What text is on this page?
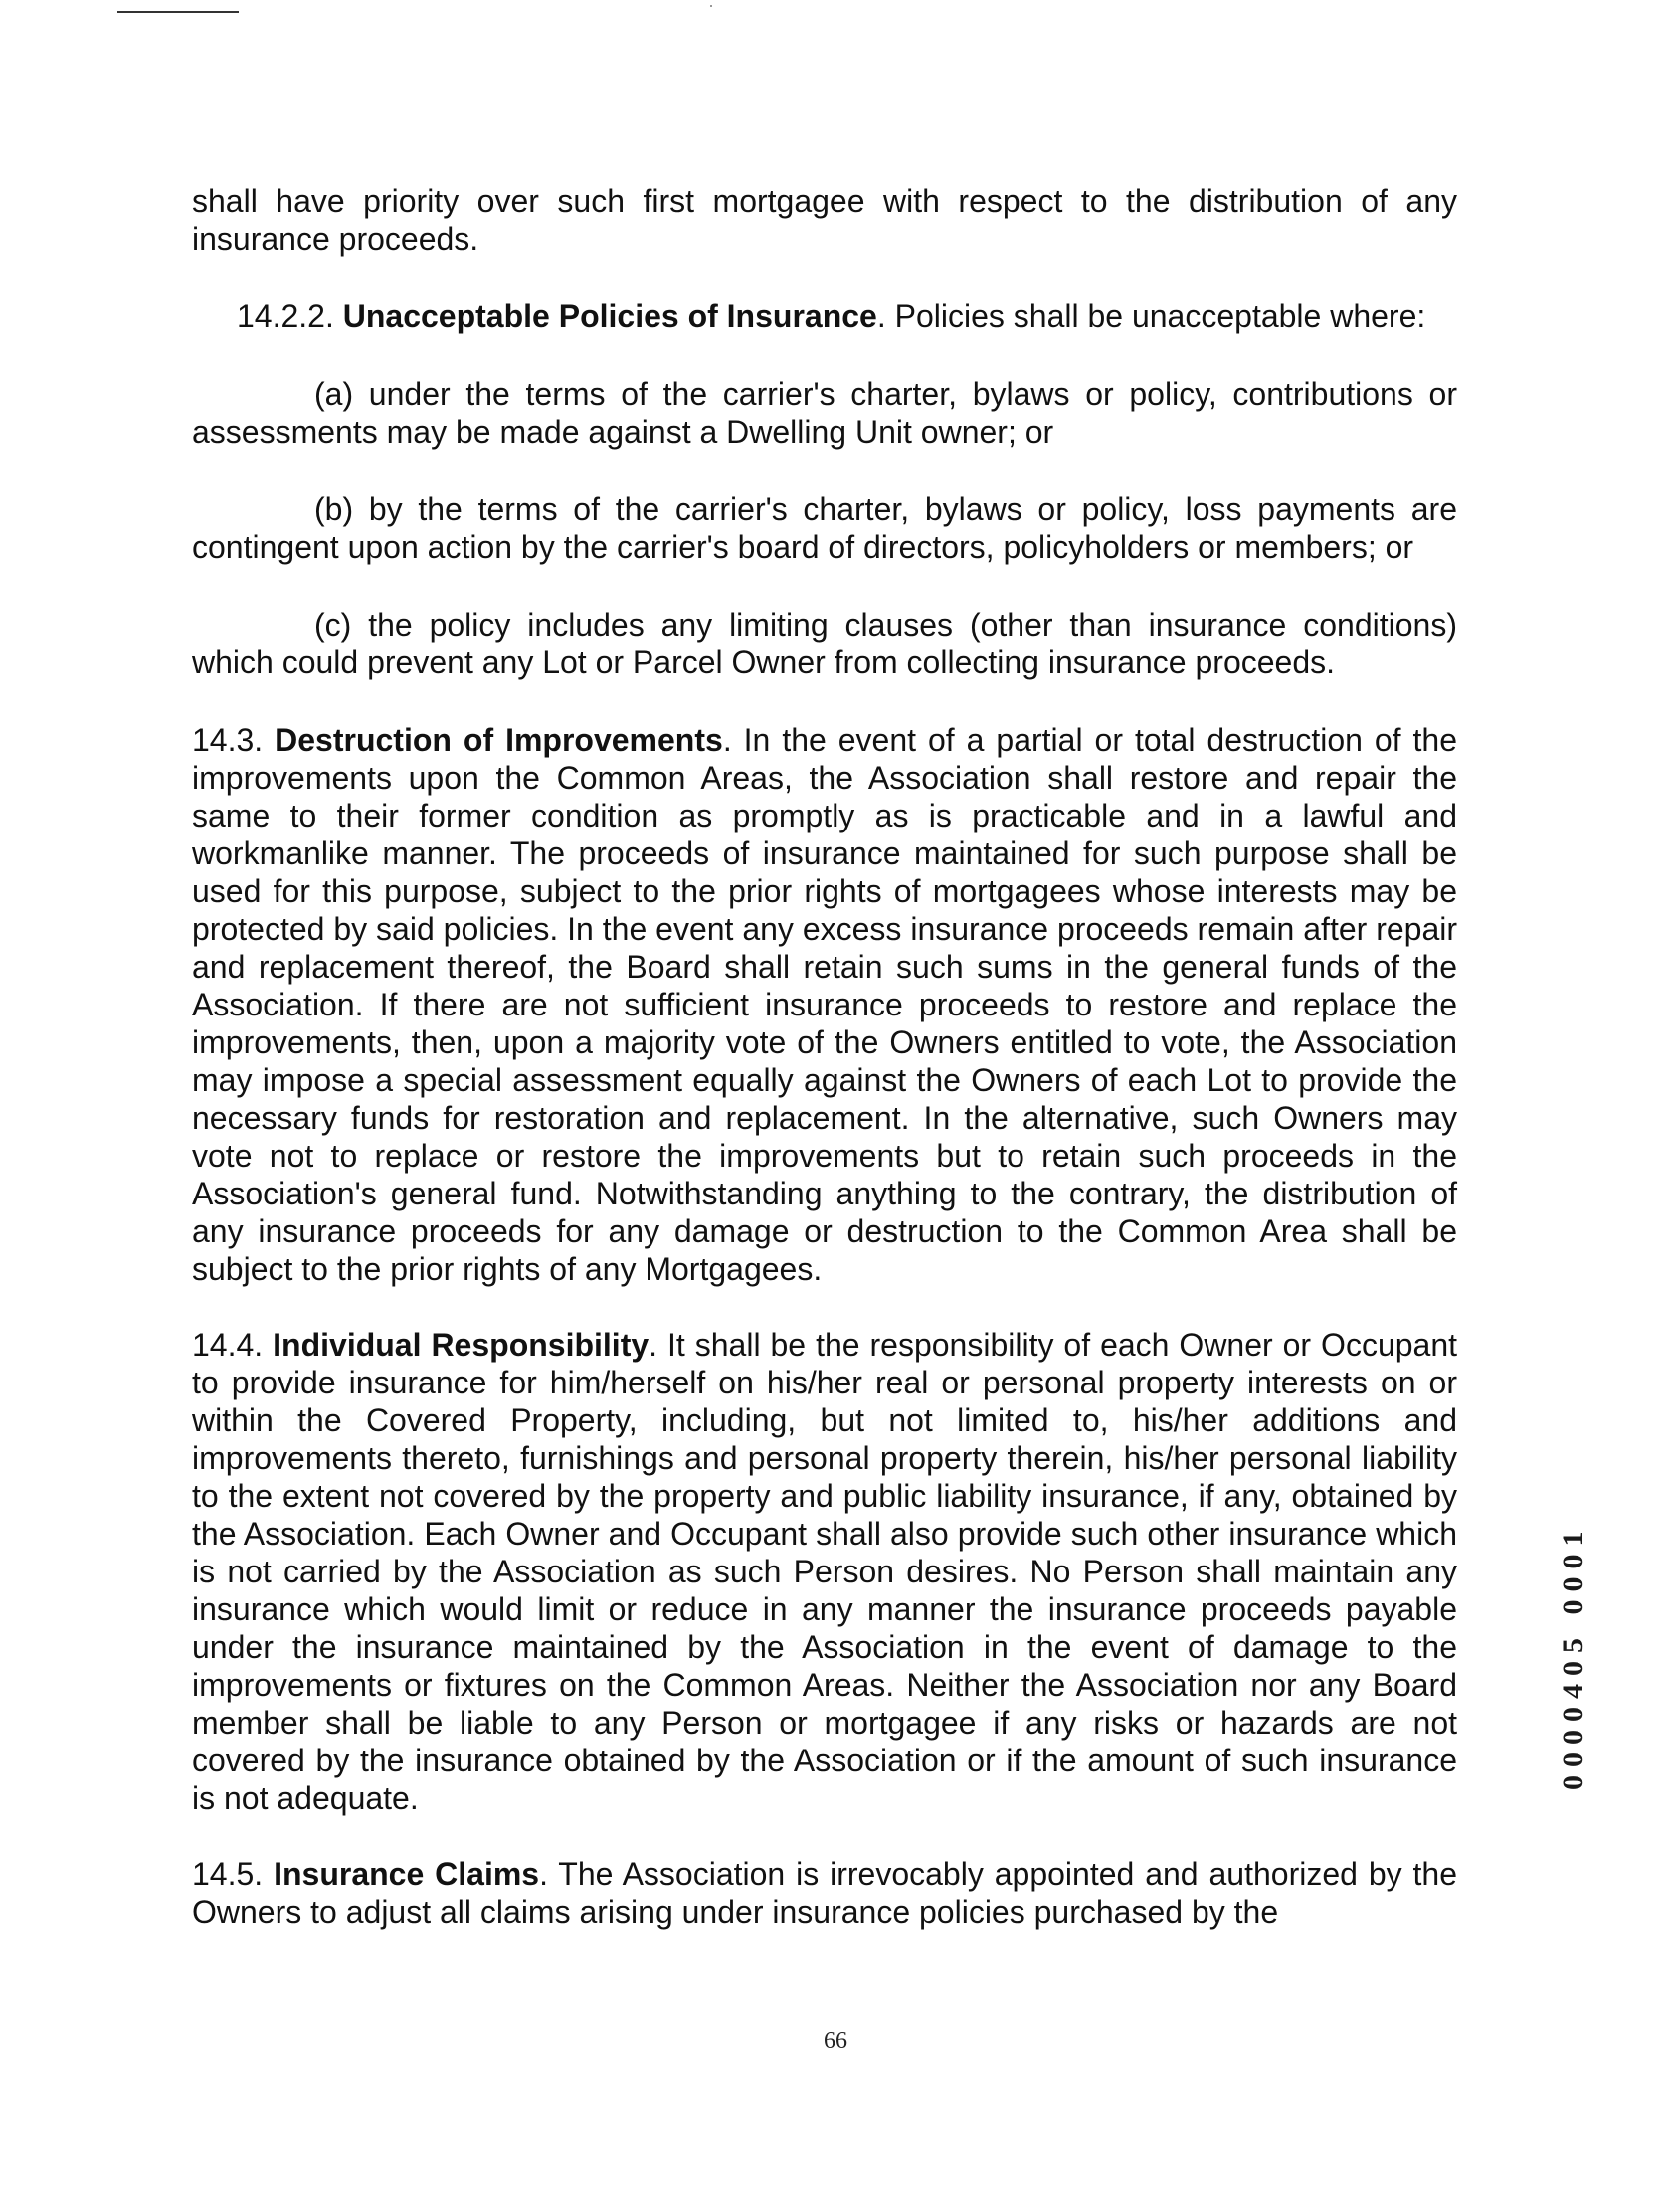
shall have priority over such first mortgagee with respect to the distribution of any insurance proceeds.

14.2.2. Unacceptable Policies of Insurance. Policies shall be unacceptable where:

(a) under the terms of the carrier's charter, bylaws or policy, contributions or assessments may be made against a Dwelling Unit owner; or

(b) by the terms of the carrier's charter, bylaws or policy, loss payments are contingent upon action by the carrier's board of directors, policyholders or members; or

(c) the policy includes any limiting clauses (other than insurance conditions) which could prevent any Lot or Parcel Owner from collecting insurance proceeds.

14.3. Destruction of Improvements. In the event of a partial or total destruction of the improvements upon the Common Areas, the Association shall restore and repair the same to their former condition as promptly as is practicable and in a lawful and workmanlike manner. The proceeds of insurance maintained for such purpose shall be used for this purpose, subject to the prior rights of mortgagees whose interests may be protected by said policies. In the event any excess insurance proceeds remain after repair and replacement thereof, the Board shall retain such sums in the general funds of the Association. If there are not sufficient insurance proceeds to restore and replace the improvements, then, upon a majority vote of the Owners entitled to vote, the Association may impose a special assessment equally against the Owners of each Lot to provide the necessary funds for restoration and replacement. In the alternative, such Owners may vote not to replace or restore the improvements but to retain such proceeds in the Association's general fund. Notwithstanding anything to the contrary, the distribution of any insurance proceeds for any damage or destruction to the Common Area shall be subject to the prior rights of any Mortgagees.

14.4. Individual Responsibility. It shall be the responsibility of each Owner or Occupant to provide insurance for him/herself on his/her real or personal property interests on or within the Covered Property, including, but not limited to, his/her additions and improvements thereto, furnishings and personal property therein, his/her personal liability to the extent not covered by the property and public liability insurance, if any, obtained by the Association. Each Owner and Occupant shall also provide such other insurance which is not carried by the Association as such Person desires. No Person shall maintain any insurance which would limit or reduce in any manner the insurance proceeds payable under the insurance maintained by the Association in the event of damage to the improvements or fixtures on the Common Areas. Neither the Association nor any Board member shall be liable to any Person or mortgagee if any risks or hazards are not covered by the insurance obtained by the Association or if the amount of such insurance is not adequate.

14.5. Insurance Claims. The Association is irrevocably appointed and authorized by the Owners to adjust all claims arising under insurance policies purchased by the

66
0000405 0001
